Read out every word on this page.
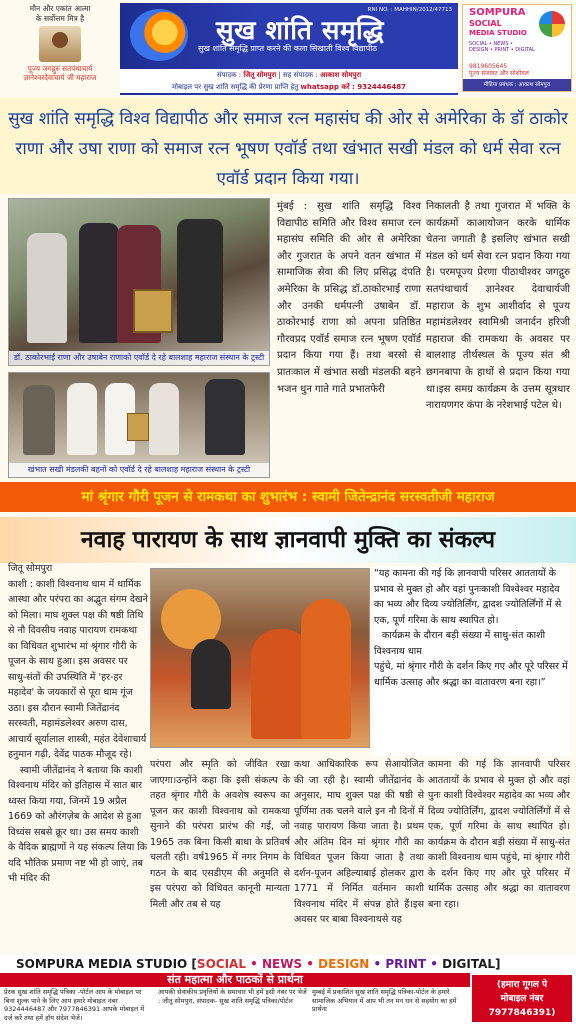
मौन और एकांत आत्मा
के सर्वोत्तम मित्र है
पूज्य जगद्गुरु सतपंथाचार्य
ज्ञानेश्वरदेवाचार्य जी महाराज
RNI NO. : MAHHIN/2012/47713
सुख शांति समृद्धि
सुख शांति समृद्धि प्राप्त करने की कला सिखाती विश्व विद्यापीठ
संपादक : जितू सोमपुरा | सह संपादक : आकाश सोमपुरा
मोबाइल पर सुख शांति समृद्धि की प्रेरणा प्राप्ति हेतु whatsapp करें : 9324446487
SOMPURA
SOCIAL
MEDIA STUDIO
SOCIAL • NEWS •
DESIGN • PRINT • DIGITAL
9819605645
पूज्य सजावट और सोशीयल
मीडिया प्रबंधक : आकाश सोमपुरा
सुख शांति समृद्धि विश्व विद्यापीठ और समाज रत्न महासंघ की ओर से अमेरिका के डॉ ठाकोर राणा और उषा राणा को समाज रत्न भूषण एवॉर्ड तथा खंभात सखी मंडल को धर्म सेवा रत्न एवॉर्ड प्रदान किया गया।
डॉ. ठाकोरभाई राणा और उषाबेन राणाको एवॉर्ड दे रहे बालशाह महाराज संस्थान के ट्रस्टी
खंभात सखी मंडलकी बहनों को एवॉर्ड दे रहे बालशाह महाराज संस्थान के ट्रस्टी
मुंबई : सुख शांति समृद्धि विश्व विद्यापीठ समिति और विश्व समाज रत्न महासंघ समिति की ओर से अमेरिका और गुजरात के अपने वतन खंभात में सामाजिक सेवा की लिए प्रसिद्ध दंपति अमेरिका के प्रसिद्ध डॉ.ठाकोरभाई राणा और उनकी धर्मपत्नी उषाबेन डॉ. ठाकोरभाई राणा को अपना प्रतिष्ठित गौरवप्रद एवॉर्ड समाज रत्न भूषण एवॉर्ड प्रदान किया गया हैं। तथा बरसो से प्रातःकाल में खंभात सखी मंडलकी बहने भजन धुन गाते गाते प्रभातफेरी
निकालती है तथा गुजरात में भक्ति के कार्यक्रमों काआयोजन करके धार्मिक चेतना जगाती है इसलिए खंभात सखी मंडल को धर्म सेवा रत्न प्रदान किया गया है। परमपूज्य प्रेरणा पीठाधीश्वर जगद्गुरु सतपंथाचार्य ज्ञानेश्वर देवाचार्यजी महाराज के शुभ आशीर्वाद से पूज्य महामंडलेश्वर स्वामिश्री जनार्दन हरिजी महाराज की रामकथा के अवसर पर बालशाह तीर्थस्थल के पूज्य संत श्री छगनबापा के हाथों से प्रदान किया गया था।इस समग्र कार्यक्रम के उत्तम सूत्रधार नारायणगर कंपा के नरेशभाई पटेल थे।
मां श्रृंगार गौरी पूजन से रामकथा का शुभारंभ : स्वामी जितेन्द्रानंद सरस्वतीजी महाराज
नवाह पारायण के साथ ज्ञानवापी मुक्ति का संकल्प
जितू सोमपुरा
काशी : काशी विश्वनाथ धाम में धार्मिक आस्था और परंपरा का अद्भुत संगम देखने को मिला। माघ शुक्ल पक्ष की षष्ठी तिथि से नौ दिवसीय नवाह पारायण रामकथा का विधिवत शुभारंभ मां श्रृंगार गौरी के पूजन के साथ हुआ। इस अवसर पर साधु-संतों की उपस्थिति में 'हर-हर महादेव' के जयकारों से पूरा धाम गूंज उठा। इस दौरान स्वामी जितेंद्रानंद सरस्वती, महामंडलेश्वर अरुण दास, आचार्य सूर्यालाल शास्त्री, महंत देवेशाचार्य हनुमान गढ़ी, देवेंद्र पाठक मौजूद रहे।
स्वामी जीतेंद्रानंद ने बताया कि काशी विश्वनाथ मंदिर को इतिहास में सात बार ध्वस्त किया गया, जिनमें 19 अप्रैल 1669 को औरंगज़ेब के आदेश से हुआ विध्वंस सबसे क्रूर था। उस समय काशी के वैदिक ब्राह्मणों ने यह संकल्प लिया कि यदि भौतिक प्रमाण नष्ट भी हो जाएं, तब भी मंदिर की
“यह कामना की गई कि ज्ञानवापी परिसर आततायों के प्रभाव से मुक्त हो और वहां पुनःकाशी विश्वेश्वर महादेव का भव्य और दिव्य ज्योतिर्लिंग, द्वादश ज्योतिर्लिंगों में से एक, पूर्ण गरिमा के साथ स्थापित हो।
कार्यक्रम के दौरान बड़ी संख्या में साधु-संत काशी विश्वनाथ धाम
पहुंचे, मां श्रृंगार गौरी के दर्शन किए गए और पूरे परिसर में धार्मिक उत्साह और श्रद्धा का वातावरण बना रहा।”
परंपरा और स्मृति को जीवित रखा जाएगा।उन्होंने कहा कि इसी संकल्प के तहत श्रृंगार गौरी के अवशेष स्वरूप का पूजन कर काशी विश्वनाथ को रामकथा सुनाने की परंपरा प्रारंभ की गई, जो 1965 तक बिना किसी बाधा के प्रतिवर्ष चलती रही। वर्ष1965 में नगर निगम के गठन के बाद एसडीएम की अनुमति से इस परंपरा को विधिवत कानूनी मान्यता मिली और तब से यह
कथा आधिकारिक रूप सेआयोजित की जा रही है। स्वामी जीतेंद्रानंद के अनुसार, माघ शुक्ल पक्ष की षष्ठी से पूर्णिमा तक चलने वाले इन नौ दिनों में नवाह पारायण किया जाता है। प्रथम और अंतिम दिन मां श्रृंगार गौरी का विधिवत पूजन किया जाता है तथा दर्शन-पूजन अहिल्याबाई होलकर द्वारा 1771 में निर्मित वर्तमान काशी विश्वनाथ मंदिर में संपन्न होते हैं।इस अवसर पर बाबा विश्वनाथसे यह
कामना की गई कि ज्ञानवापी परिसर आततायों के प्रभाव से मुक्त हो और वहां पुनः काशी विश्वेश्वर महादेव का भव्य और दिव्य ज्योतिर्लिंग, द्वादश ज्योतिर्लिंगों में से एक, पूर्ण गरिमा के साथ स्थापित हो। कार्यक्रम के दौरान बड़ी संख्या में साधु-संत काशी विश्वनाथ धाम पहुंचे, मां श्रृंगार गौरी के दर्शन किए गए और पूरे परिसर में धार्मिक उत्साह और श्रद्धा का वातावरण बना रहा।
SOMPURA MEDIA STUDIO [SOCIAL • NEWS • DESIGN • PRINT • DIGITAL]
संत महात्मा और पाठकों से प्रार्थना
प्रेरक सुख शांति समृद्धि पत्रिका -पोर्टल आप के मोबाइल पर बिना शुल्क पाने के लिए आप हमारे मोबाइल नंबर 9324446487 और 7977846391 आपके मोबाइल में दर्ज करें तथा हमें हॉय संदेश भेजें।
आपकी सेवाकीय प्रवृत्तियों के समाचार भी हमें इसी नंबर पर भेजें : जीतू सोमपुरा, संपादक- सुख शांति समृद्धि पत्रिका/पोर्टल
मुम्बई में प्रकाशित सुख शांति समृद्धि पत्रिका-पोर्टल के हमारे सामाजिक अभियान में आप भी तन मन धन से सहयोग का हमें प्रार्थना
(हमारा गूगल पे
मोबाइल नंबर
7977846391)
